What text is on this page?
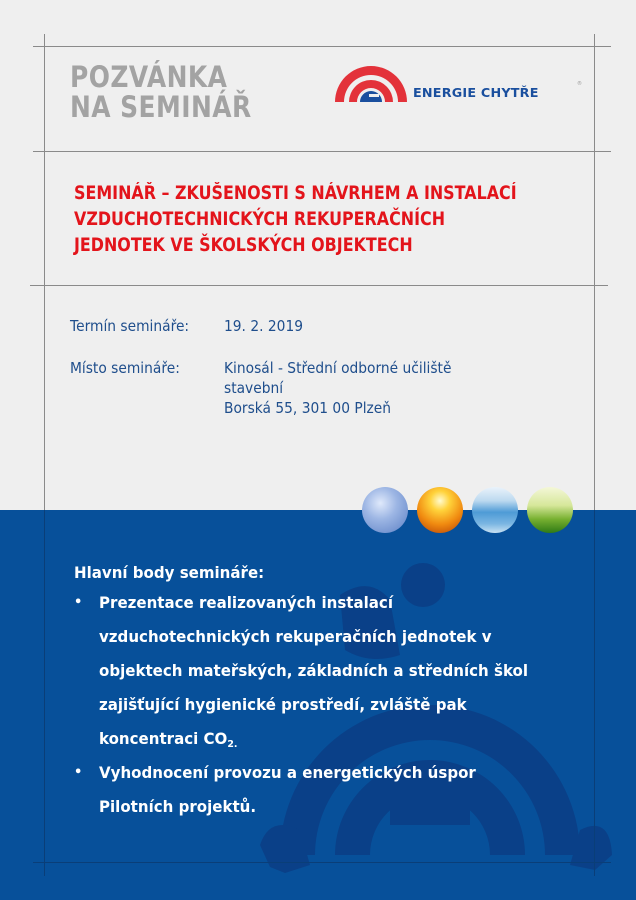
POZVÁNKA
NA SEMINÁŘ	ENERGIE CHYTŘE
®
SEMINÁŘ – ZKUŠENOSTI S NÁVRHEM A INSTALACÍ
VZDUCHOTECHNICKÝCH REKUPERAČNÍCH
JEDNOTEK VE ŠKOLSKÝCH OBJEKTECH
Termín semináře: 19. 2. 2019
Místo semináře:	Kinosál - Střední odborné učiliště
stavební
Borská 55, 301 00 Plzeň
Hlavní body semináře:
• Prezentace realizovaných instalací
vzduchotechnických rekuperačních jednotek v
objektech mateřských, základních a středních škol
zajišťující hygienické prostředí, zvláště pak
koncentraci $CO_{2.}$
• Vyhodnocení provozu a energetických úspor
Pilotních projektů.
